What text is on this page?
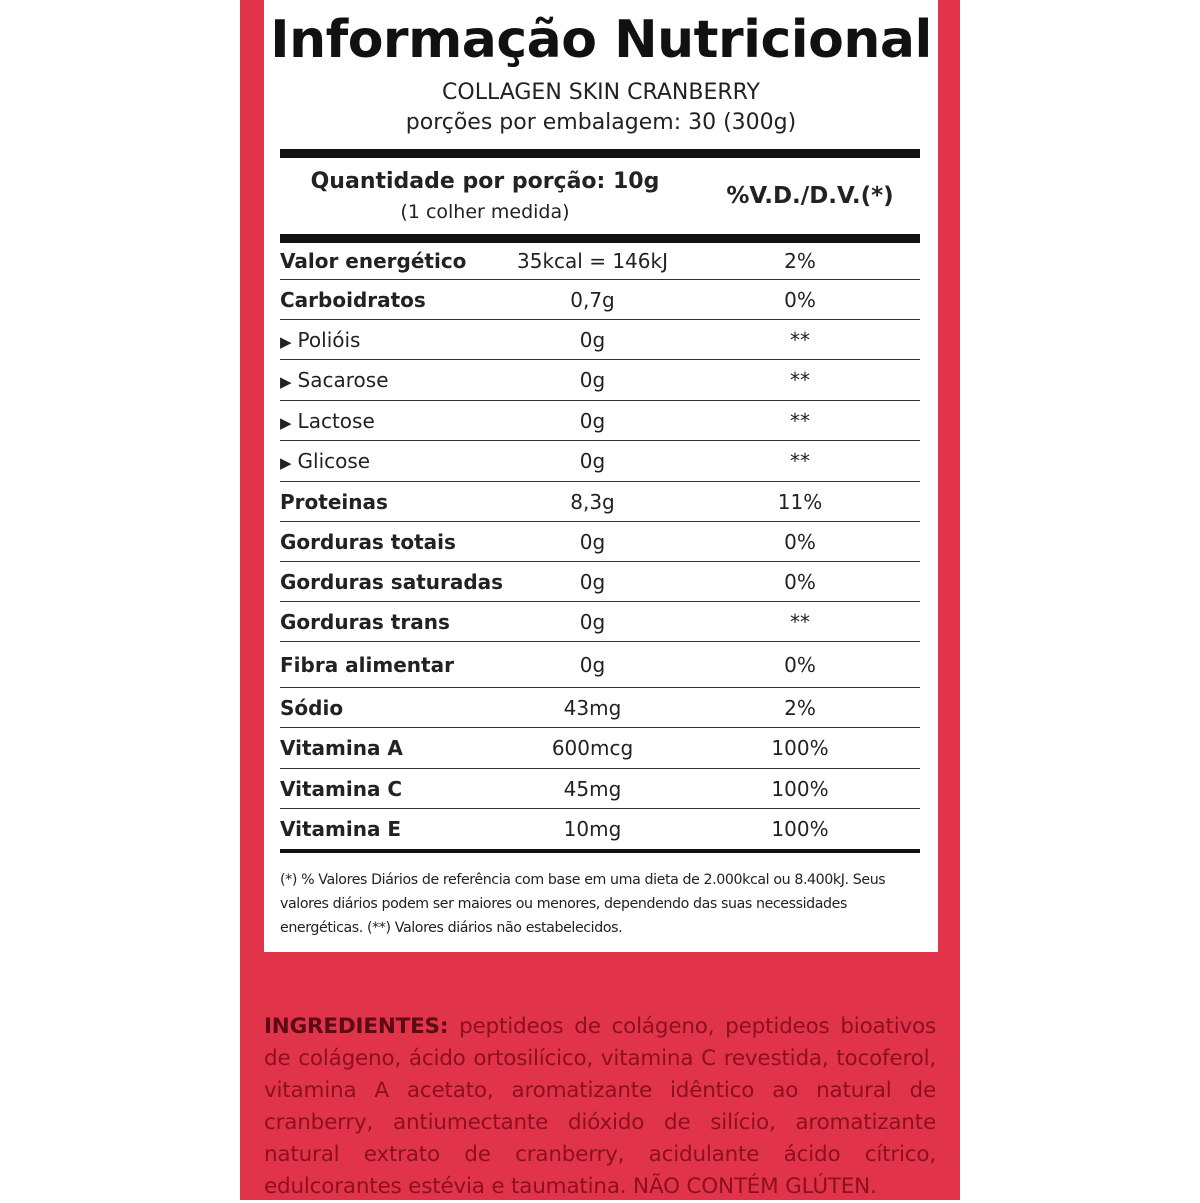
Informação Nutricional
COLLAGEN SKIN CRANBERRY
porções por embalagem: 30 (300g)
Quantidade por porção: 10g
(1 colher medida)
%V.D./D.V.(*)
Valor energético	35kcal = 146kJ	2%
Carboidratos	0,7g	0%
▶ Polióis	0g	**
▶ Sacarose	0g	**
▶ Lactose	0g	**
▶ Glicose	0g	**
Proteinas	8,3g	11%
Gorduras totais	0g	0%
Gorduras saturadas	0g	0%
Gorduras trans	0g	**
Fibra alimentar	0g	0%
Sódio	43mg	2%
Vitamina A	600mcg	100%
Vitamina C	45mg	100%
Vitamina E	10mg	100%
(*) % Valores Diários de referência com base em uma dieta de 2.000kcal ou 8.400kJ. Seus valores diários podem ser maiores ou menores, dependendo das suas necessidades energéticas. (**) Valores diários não estabelecidos.
INGREDIENTES: peptideos de colágeno, peptideos bioativos de colágeno, ácido ortosilícico, vitamina C revestida, tocoferol, vitamina A acetato, aromatizante idêntico ao natural de cranberry, antiumectante dióxido de silício, aromatizante natural extrato de cranberry, acidulante ácido cítrico, edulcorantes estévia e taumatina. NÃO CONTÉM GLÚTEN.
